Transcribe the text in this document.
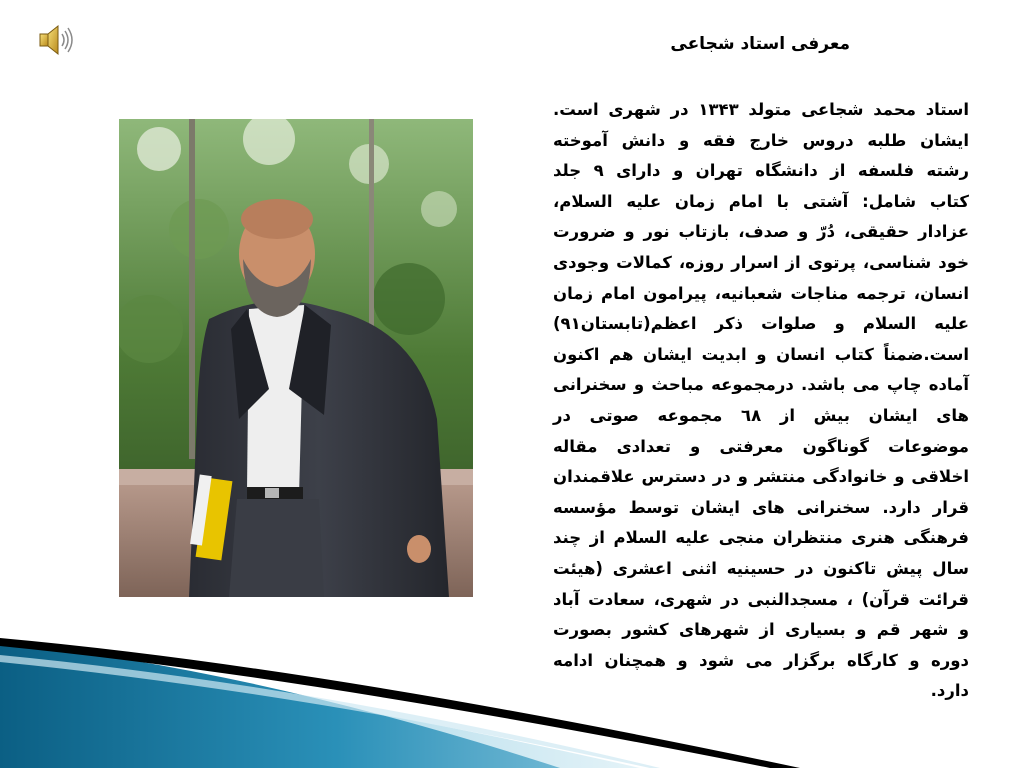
معرفی استاد شجاعی
استاد محمد شجاعی متولد ۱۳۴۳ در شهری است. ایشان طلبه دروس خارج فقه و دانش آموخته رشته فلسفه از دانشگاه تهران و دارای ۹ جلد کتاب شامل: آشتی با امام زمان علیه السلام، عزادار حقیقی، دُرّ و صدف، بازتاب نور و ضرورت خود شناسی، پرتوی از اسرار روزه، کمالات وجودی انسان، ترجمه مناجات شعبانیه، پیرامون امام زمان علیه السلام و صلوات ذکر اعظم(تابستان۹۱) است.ضمناً کتاب انسان و ابدیت ایشان هم اکنون آماده چاپ می باشد. درمجموعه مباحث و سخنرانی های ایشان بیش از ٦٨ مجموعه صوتی در موضوعات گوناگون معرفتی و تعدادی مقاله اخلاقی و خانوادگی منتشر و در دسترس علاقمندان قرار دارد. سخنرانی های ایشان توسط مؤسسه فرهنگی هنری منتظران منجی علیه السلام از چند سال پیش تاکنون در حسینیه اثنی اعشری (هیئت قرائت قرآن) ، مسجدالنبی در شهری، سعادت آباد و شهر قم و بسیاری از شهرهای کشور بصورت دوره و کارگاه برگزار می شود و همچنان ادامه دارد.
